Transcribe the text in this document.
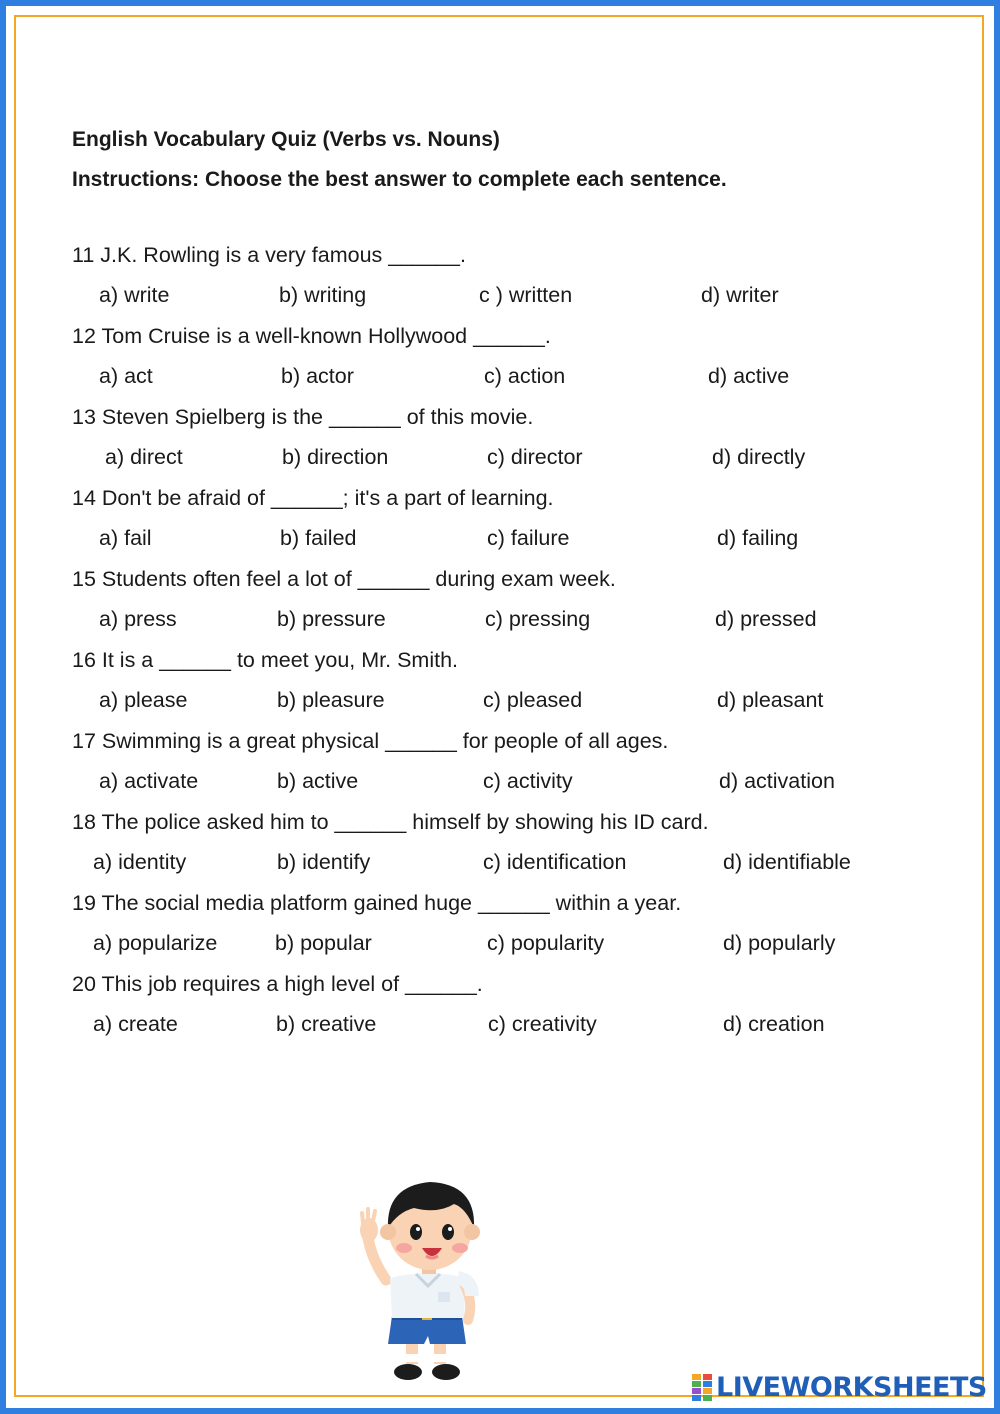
English Vocabulary Quiz (Verbs vs. Nouns)
Instructions: Choose the best answer to complete each sentence.
11 J.K. Rowling is a very famous ______.
a) write	b) writing	c ) written	d) writer
12 Tom Cruise is a well-known Hollywood ______.
a) act	b) actor	c) action	d) active
13 Steven Spielberg is the ______ of this movie.
a) direct	b) direction	c) director	d) directly
14 Don't be afraid of ______; it's a part of learning.
a) fail	b) failed	c) failure	d) failing
15 Students often feel a lot of ______ during exam week.
a) press	b) pressure	c) pressing	d) pressed
16 It is a ______ to meet you, Mr. Smith.
a) please	b) pleasure	c) pleased	d) pleasant
17 Swimming is a great physical ______ for people of all ages.
a) activate	b) active	c) activity	d) activation
18 The police asked him to ______ himself by showing his ID card.
a) identity	b) identify	c) identification	d) identifiable
19 The social media platform gained huge ______ within a year.
a) popularize	b) popular	c) popularity	d) popularly
20 This job requires a high level of ______.
a) create	b) creative	c) creativity	d) creation
LIVEWORKSHEETS
